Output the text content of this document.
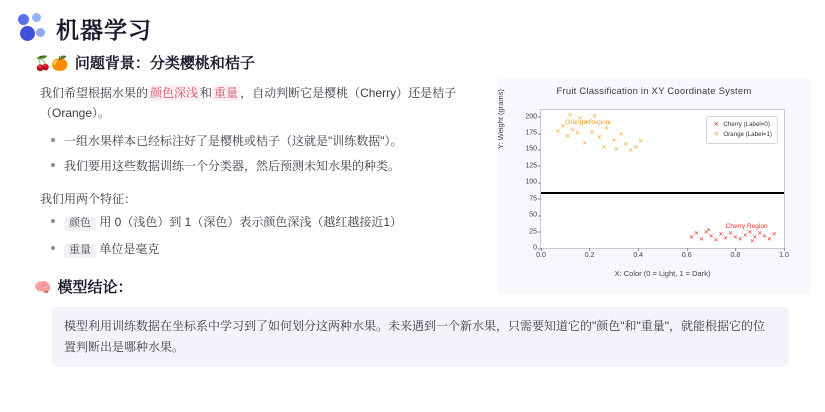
机器学习
🍒🍊 问题背景：分类樱桃和桔子

我们希望根据水果的 颜色深浅 和 重量 ，自动判断它是樱桃（Cherry）还是桔子（Orange）。

一组水果样本已经标注好了是樱桃或桔子（这就是"训练数据"）。
我们要用这些数据训练一个分类器，然后预测未知水果的种类。
我们用两个特征：
颜色 用 0（浅色）到 1（深色）表示颜色深浅（越红越接近1）
重量 单位是毫克
🧠 模型结论：
模型利用训练数据在坐标系中学习到了如何划分这两种水果。未来遇到一个新水果，只需要知道它的"颜色"和"重量"，就能根据它的位置判断出是哪种水果。
Fruit Classification in XY Coordinate System
Y: Weight (grams)
X: Color (0 = Light, 1 = Dark)
✕ Cherry (Label=0)
✕ Orange (Label=1)
0
25
50
75
100
125
150
175
200
0.0	0.2	0.4	0.6	0.8	1.0
✕
✕
✕
✕
✕
✕
✕
✕
✕
✕
✕
✕
✕
✕
✕
✕
✕
✕
✕
✕
✕
✕
✕
✕
✕
✕
✕
✕
✕
✕
✕
✕
✕
✕
✕
✕
✕
✕
✕
✕
✕
✕
Orange Region
Cherry Region
